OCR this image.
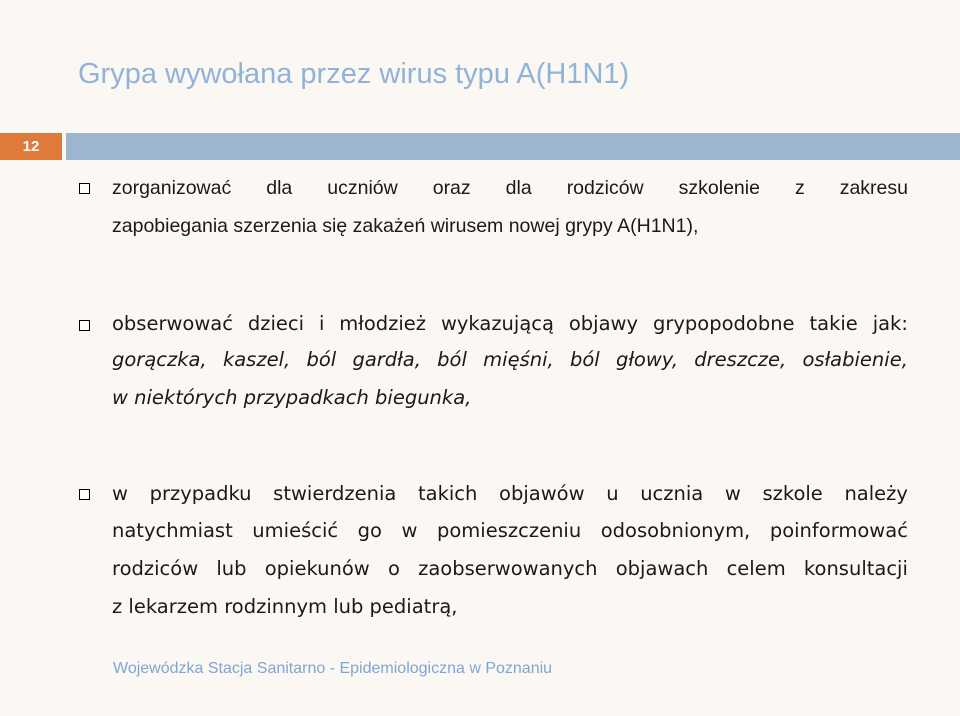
Grypa wywołana przez wirus typu A(H1N1)
12
zorganizować dla uczniów oraz dla rodziców szkolenie z zakresu
zapobiegania szerzenia się zakażeń wirusem nowej grypy A(H1N1),
obserwować dzieci i młodzież wykazującą objawy grypopodobne takie jak:
gorączka, kaszel, ból gardła, ból mięśni, ból głowy, dreszcze, osłabienie,
w niektórych przypadkach biegunka,
w przypadku stwierdzenia takich objawów u ucznia w szkole należy
natychmiast umieścić go w pomieszczeniu odosobnionym, poinformować
rodziców lub opiekunów o zaobserwowanych objawach celem konsultacji
z lekarzem rodzinnym lub pediatrą,
Wojewódzka Stacja Sanitarno - Epidemiologiczna w Poznaniu
